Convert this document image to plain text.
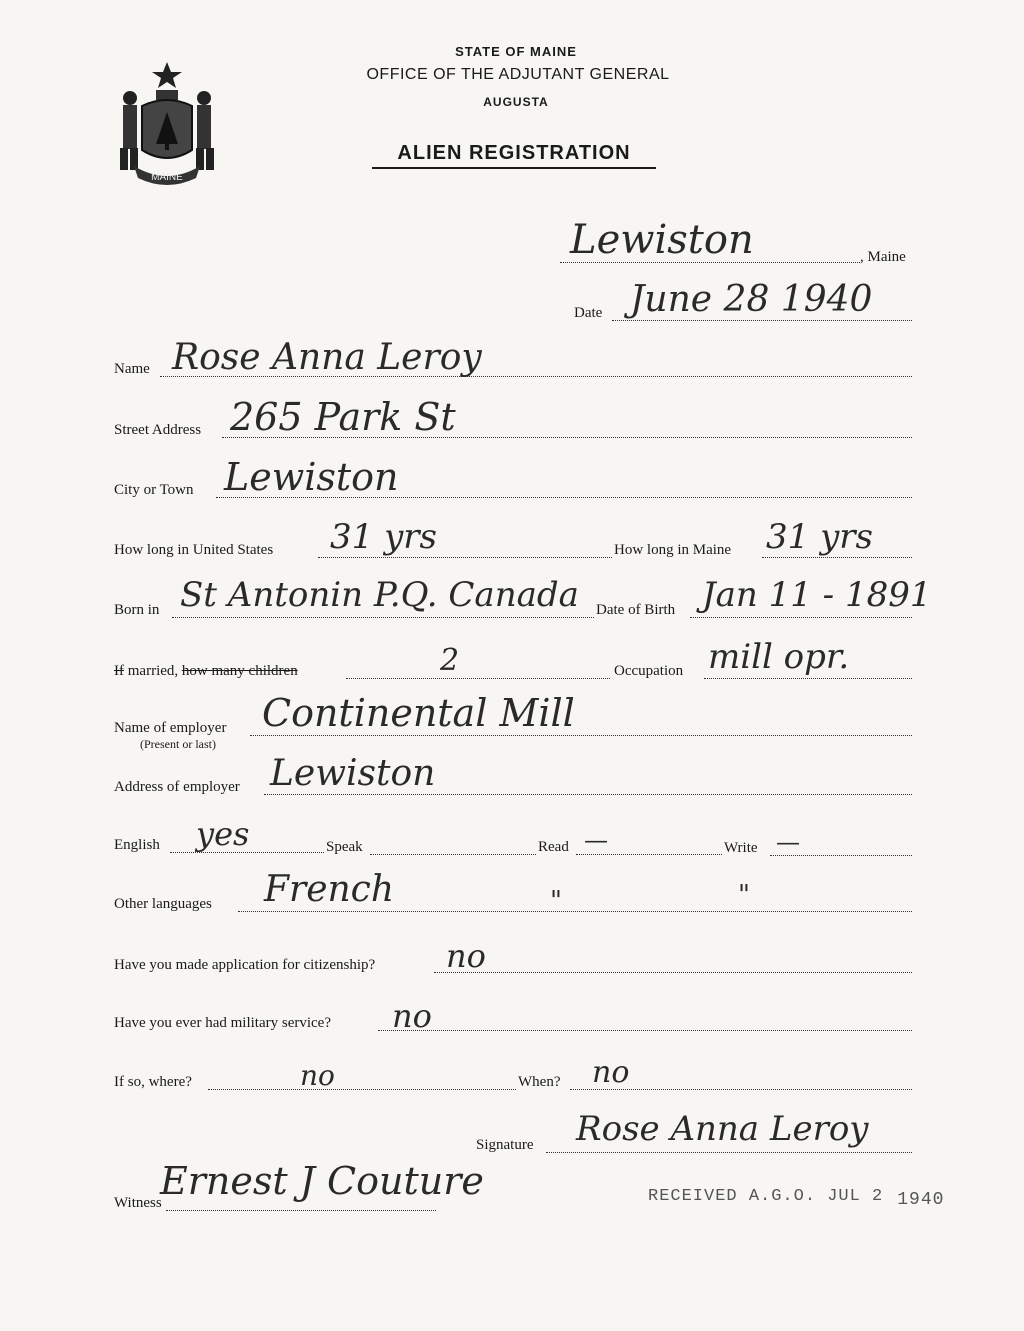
MAINE
STATE OF MAINE
OFFICE OF THE ADJUTANT GENERAL
AUGUSTA
ALIEN REGISTRATION
Lewiston	, Maine
Date June 28 1940
Name Rose Anna Leroy
Street Address 265 Park St
City or Town Lewiston
How long in United States 31 yrs	How long in Maine 31 yrs
Born in St Antonin P.Q. Canada Date of Birth Jan 11 - 1891
If married, how many children	2	Occupation mill opr.
Name of employer
(Present or last)
Continental Mill
Address of employer Lewiston
English yes	Speak	Read —	Write —
Other languages French	"	"
Have you made application for citizenship? no
Have you ever had military service? no
If so, where?	no	When? no
Signature Rose Anna Leroy
Witness
Ernest J Couture	RECEIVED A.G.O. JUL 2 1940
